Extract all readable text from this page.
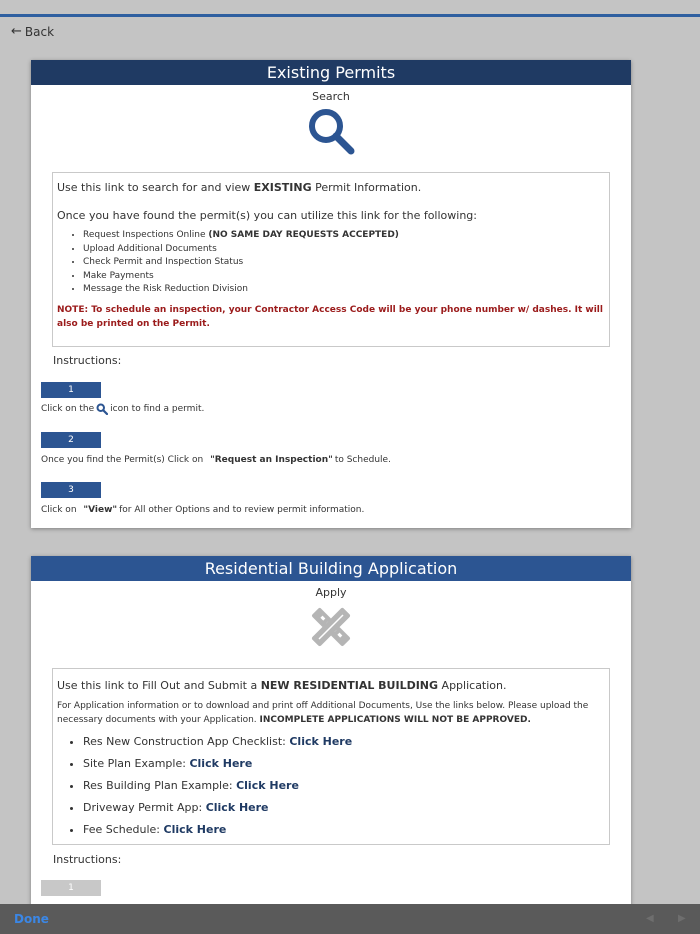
← Back
Existing Permits
Search

Use this link to search for and view EXISTING Permit Information.

Once you have found the permit(s) you can utilize this link for the following:

• Request Inspections Online (NO SAME DAY REQUESTS ACCEPTED)
• Upload Additional Documents
• Check Permit and Inspection Status
• Make Payments
• Message the Risk Reduction Division

NOTE: To schedule an inspection, your Contractor Access Code will be your phone number w/ dashes. It will also be printed on the Permit.

Instructions:
1
Click on the icon to find a permit.
2
Once you find the Permit(s) Click on
"Request an Inspection" to Schedule.
3
Click on
"View" for All other Options and to review permit information.
Residential Building Application
Apply

Use this link to Fill Out and Submit a NEW RESIDENTIAL BUILDING Application.

For Application information or to download and print off Additional Documents, Use the links below. Please upload the necessary documents with your Application. INCOMPLETE APPLICATIONS WILL NOT BE APPROVED.

• Res New Construction App Checklist: Click Here
• Site Plan Example: Click Here
• Res Building Plan Example: Click Here
• Driveway Permit App: Click Here
• Fee Schedule: Click Here
Instructions:
1
Done	◀ ▶
